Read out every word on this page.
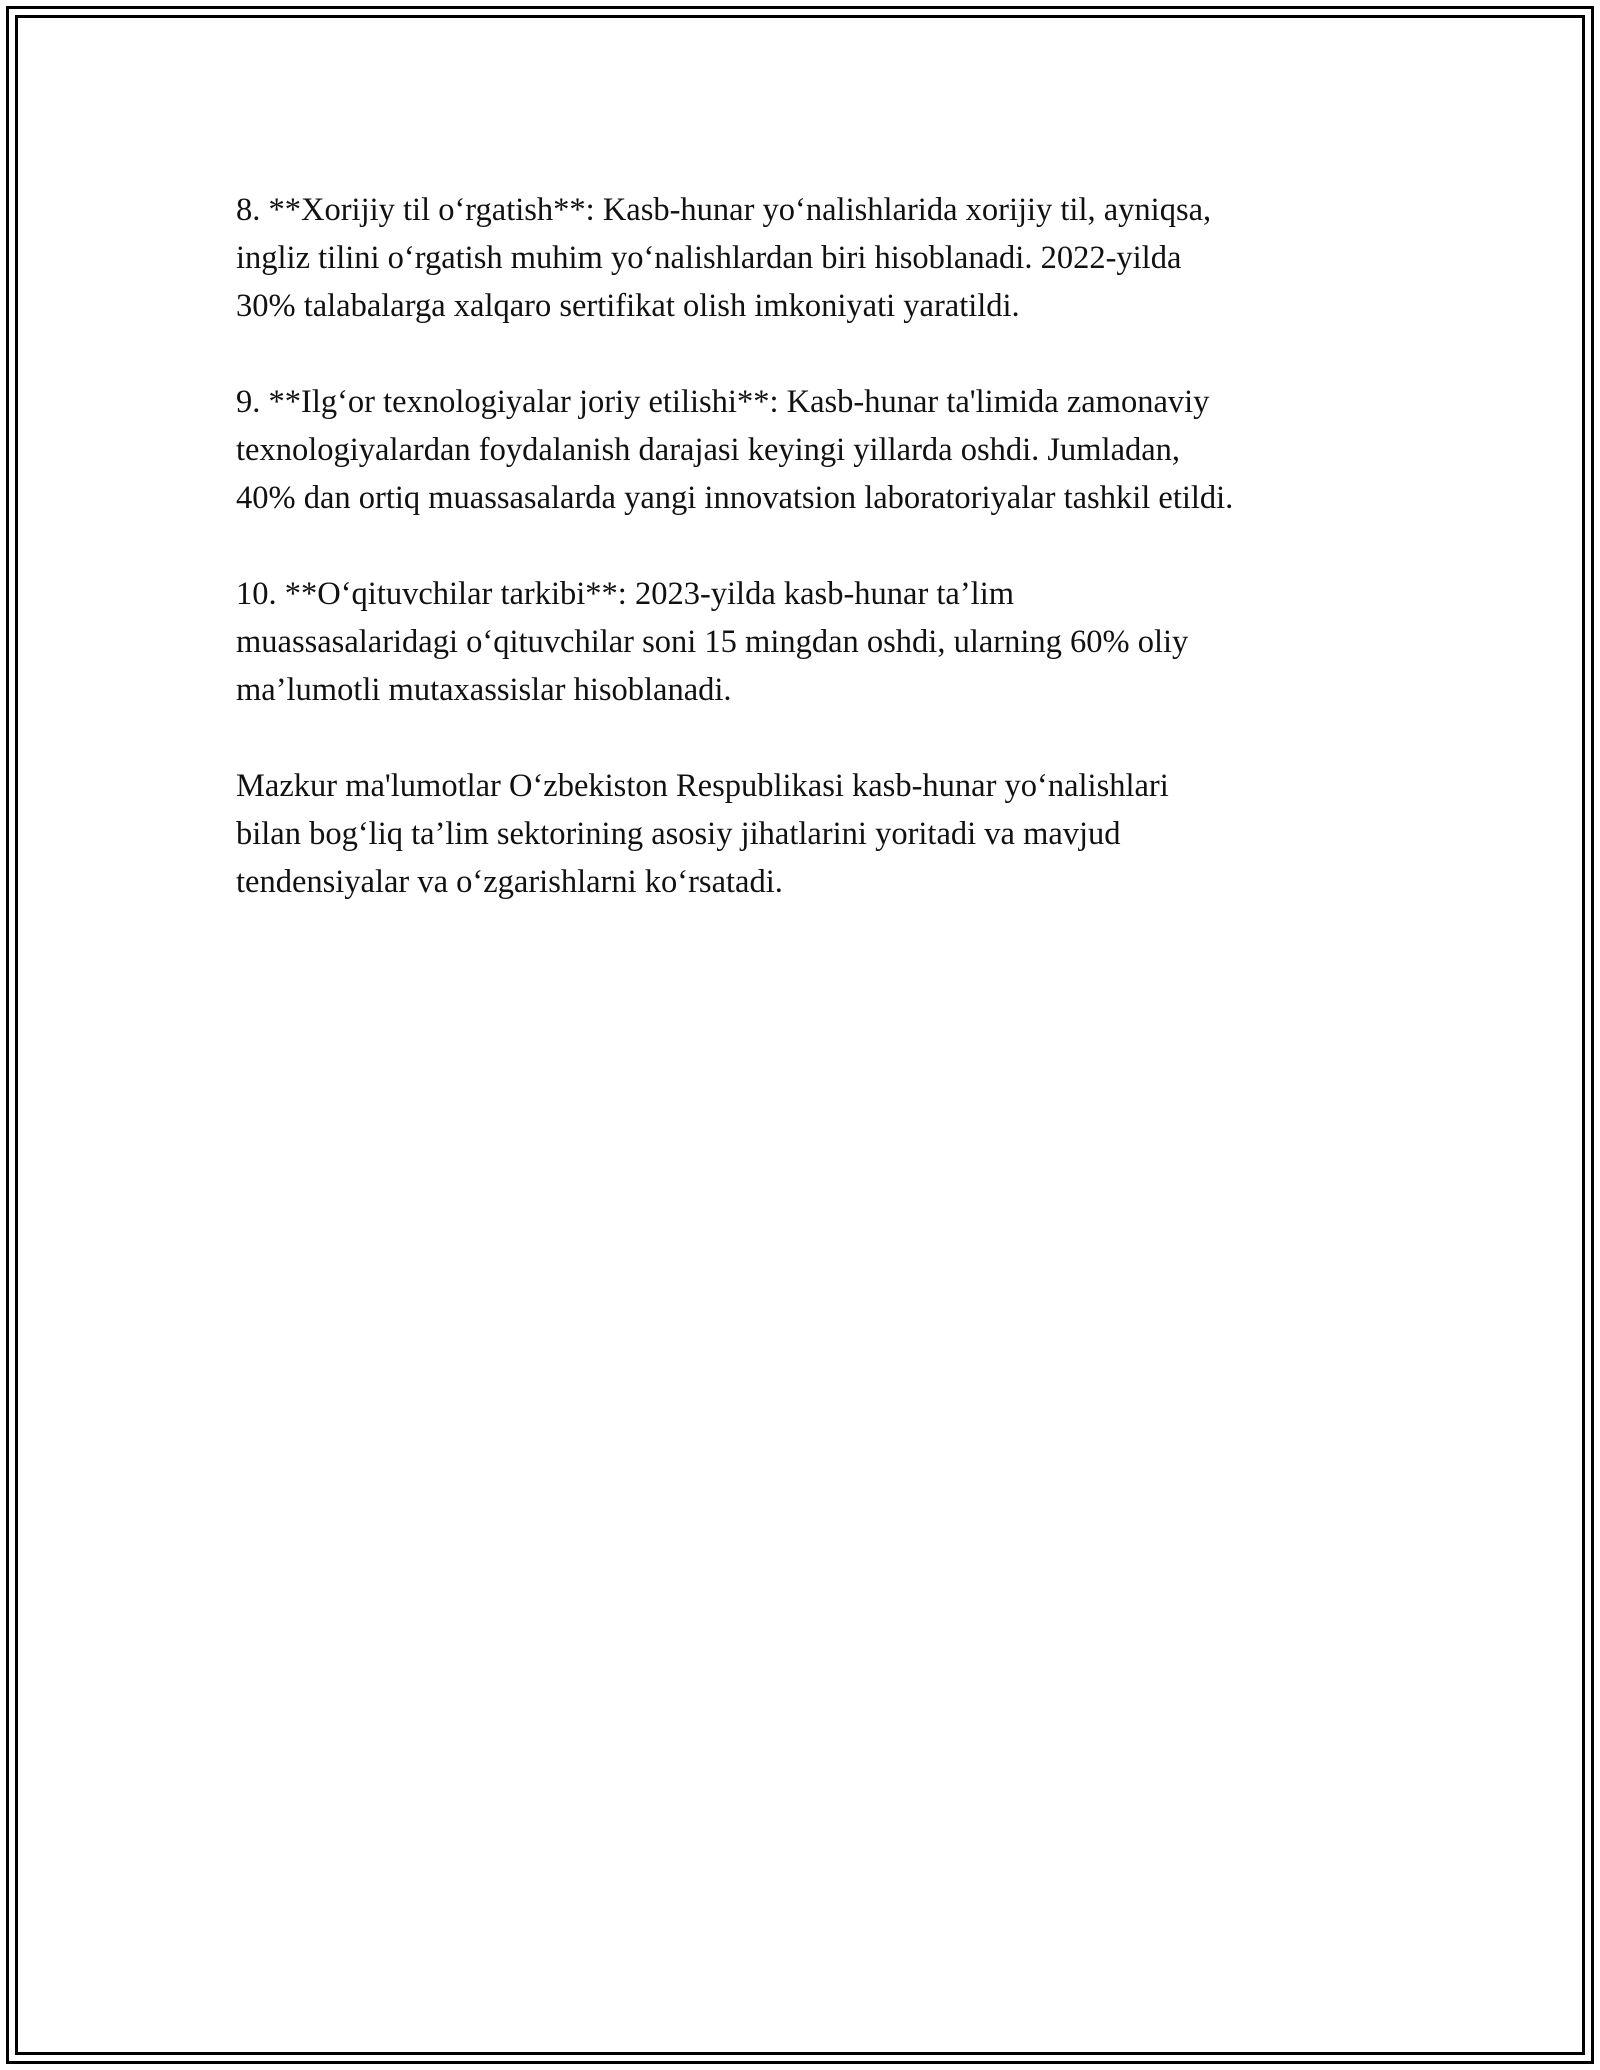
8. **Xorijiy til o‘rgatish**: Kasb-hunar yo‘nalishlarida xorijiy til, ayniqsa,
ingliz tilini o‘rgatish muhim yo‘nalishlardan biri hisoblanadi. 2022-yilda
30% talabalarga xalqaro sertifikat olish imkoniyati yaratildi.

9. **Ilg‘or texnologiyalar joriy etilishi**: Kasb-hunar ta'limida zamonaviy
texnologiyalardan foydalanish darajasi keyingi yillarda oshdi. Jumladan,
40% dan ortiq muassasalarda yangi innovatsion laboratoriyalar tashkil etildi.

10. **O‘qituvchilar tarkibi**: 2023-yilda kasb-hunar ta’lim
muassasalaridagi o‘qituvchilar soni 15 mingdan oshdi, ularning 60% oliy
ma’lumotli mutaxassislar hisoblanadi.

Mazkur ma'lumotlar O‘zbekiston Respublikasi kasb-hunar yo‘nalishlari
bilan bog‘liq ta’lim sektorining asosiy jihatlarini yoritadi va mavjud
tendensiyalar va o‘zgarishlarni ko‘rsatadi.
